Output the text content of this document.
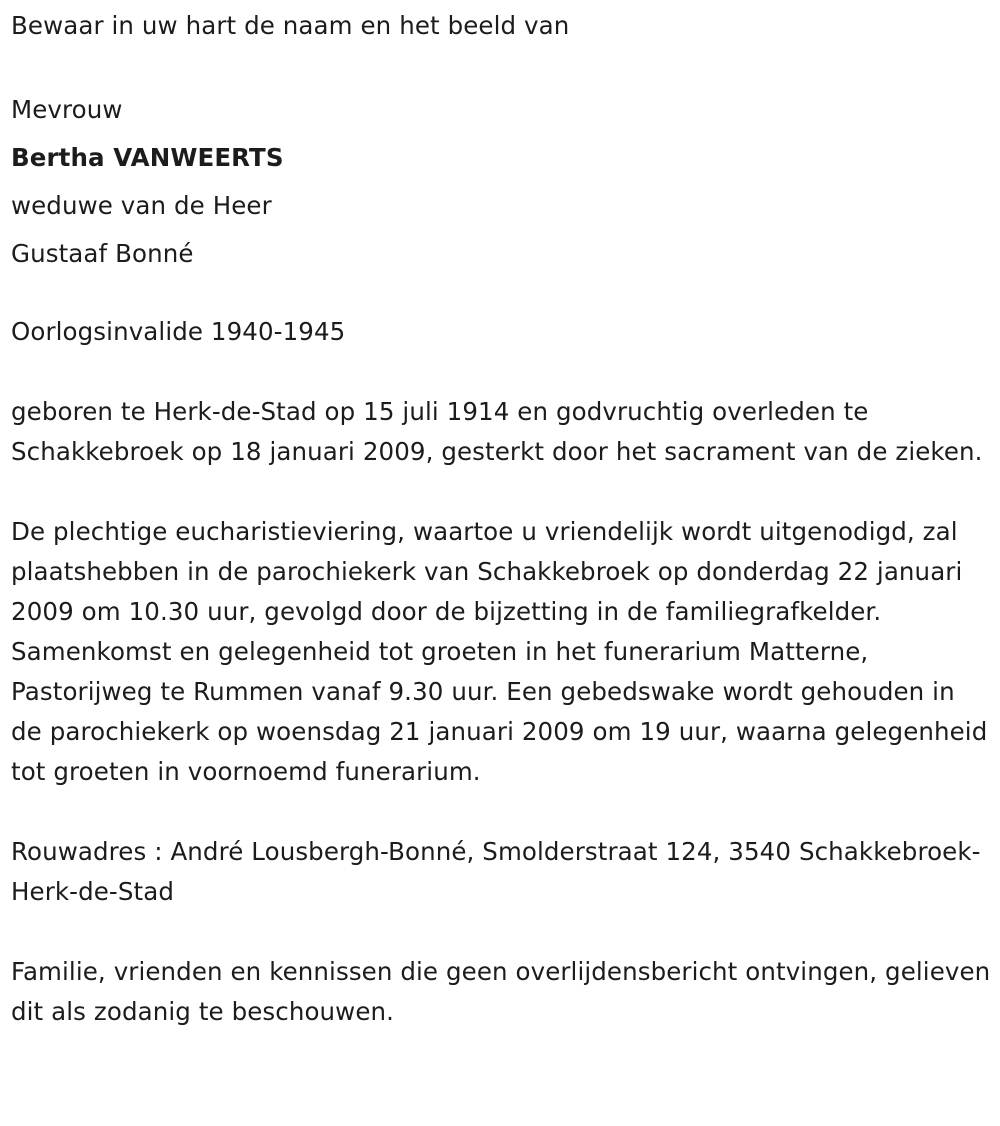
Bewaar in uw hart de naam en het beeld van

Mevrouw

Bertha VANWEERTS

weduwe van de Heer

Gustaaf Bonné

Oorlogsinvalide 1940-1945

geboren te Herk-de-Stad op 15 juli 1914 en godvruchtig overleden te Schakkebroek op 18 januari 2009, gesterkt door het sacrament van de zieken.

De plechtige eucharistieviering, waartoe u vriendelijk wordt uitgenodigd, zal plaatshebben in de parochiekerk van Schakkebroek op donderdag 22 januari 2009 om 10.30 uur, gevolgd door de bijzetting in de familiegrafkelder. Samenkomst en gelegenheid tot groeten in het funerarium Matterne, Pastorijweg te Rummen vanaf 9.30 uur. Een gebedswake wordt gehouden in de parochiekerk op woensdag 21 januari 2009 om 19 uur, waarna gelegenheid tot groeten in voornoemd funerarium.

Rouwadres : André Lousbergh-Bonné, Smolderstraat 124, 3540 Schakkebroek-Herk-de-Stad

Familie, vrienden en kennissen die geen overlijdensbericht ontvingen, gelieven dit als zodanig te beschouwen.
